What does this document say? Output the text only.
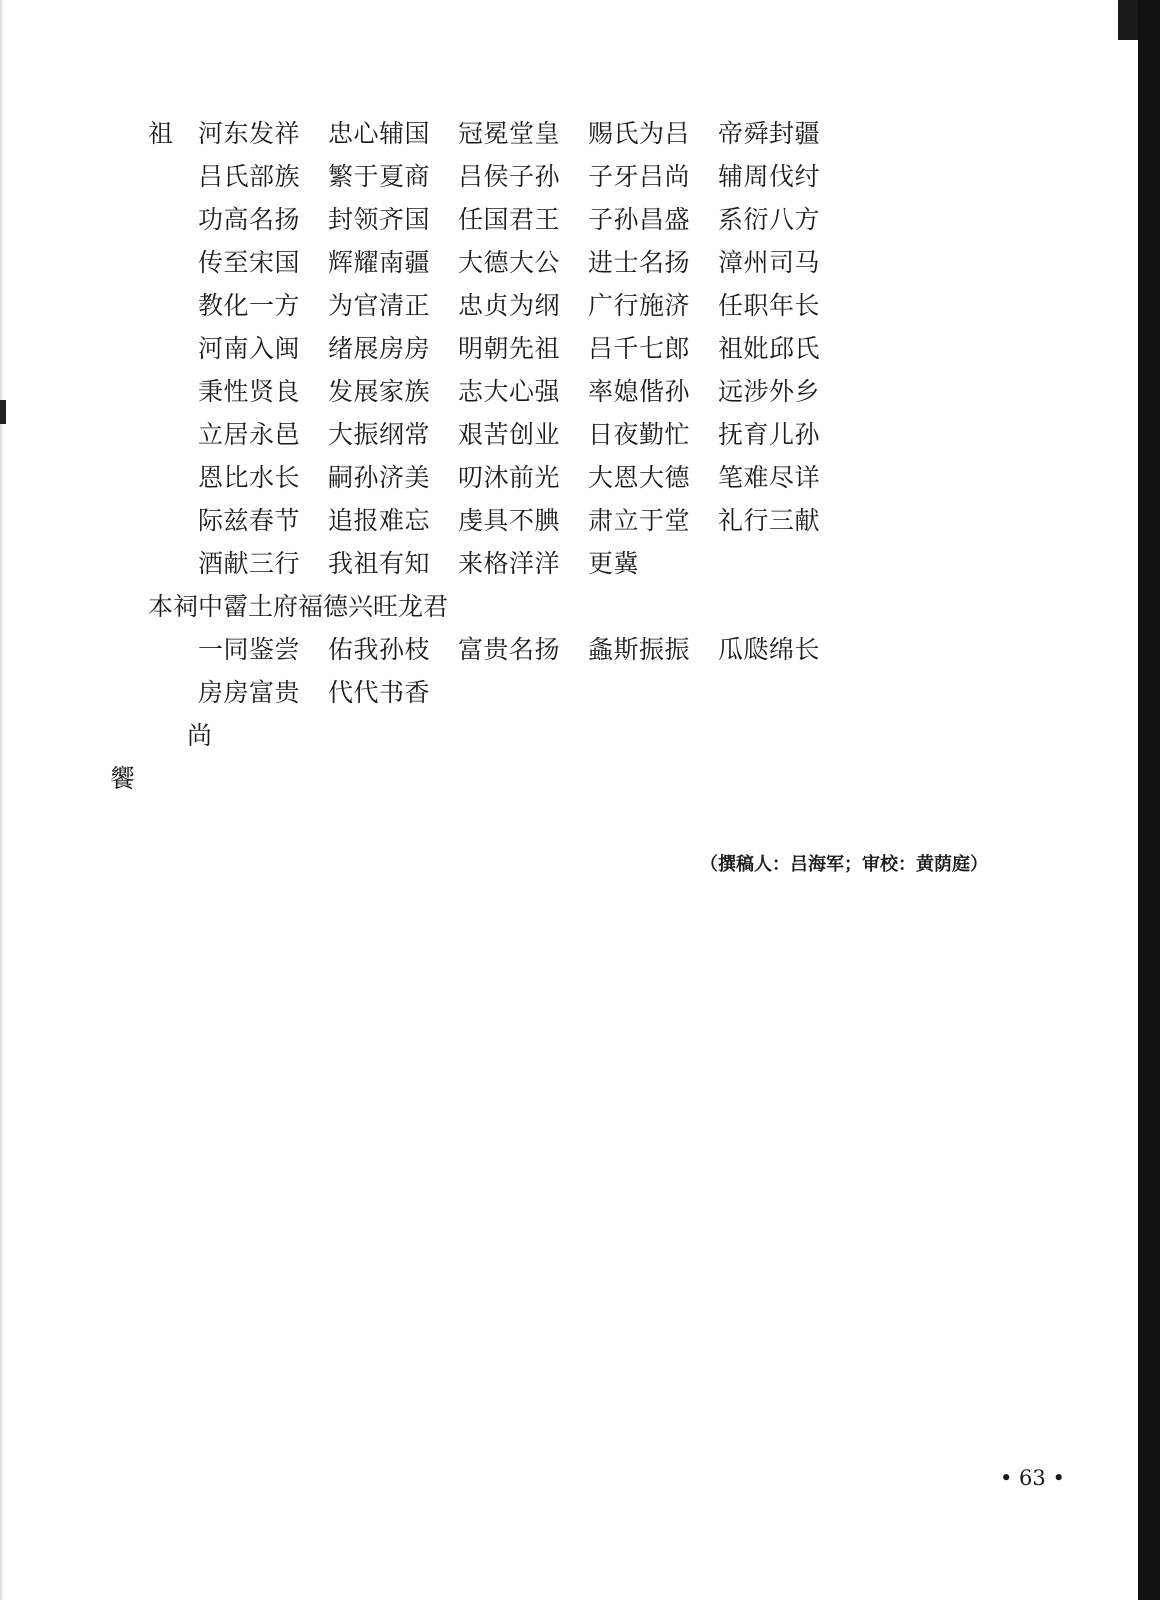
祖 河东发祥	忠心辅国	冠冕堂皇	赐氏为吕	帝舜封疆
吕氏部族	繁于夏商	吕侯子孙	子牙吕尚	辅周伐纣
功高名扬	封领齐国	任国君王	子孙昌盛	系衍八方
传至宋国	辉耀南疆	大德大公	进士名扬	漳州司马
教化一方	为官清正	忠贞为纲	广行施济	任职年长
河南入闽	绪展房房	明朝先祖	吕千七郎	祖妣邱氏
秉性贤良	发展家族	志大心强	率媳偕孙	远涉外乡
立居永邑	大振纲常	艰苦创业	日夜勤忙	抚育儿孙
恩比水长	嗣孙济美	叨沐前光	大恩大德	笔难尽详
际兹春节	追报难忘	虔具不腆	肃立于堂	礼行三献
酒献三行	我祖有知	来格洋洋	更冀
本祠中霤土府福德兴旺龙君
一同鉴尝	佑我孙枝	富贵名扬	螽斯振振	瓜瓞绵长
房房富贵	代代书香
尚
饗
（撰稿人：吕海军；审校：黄荫庭）
• 63 •
